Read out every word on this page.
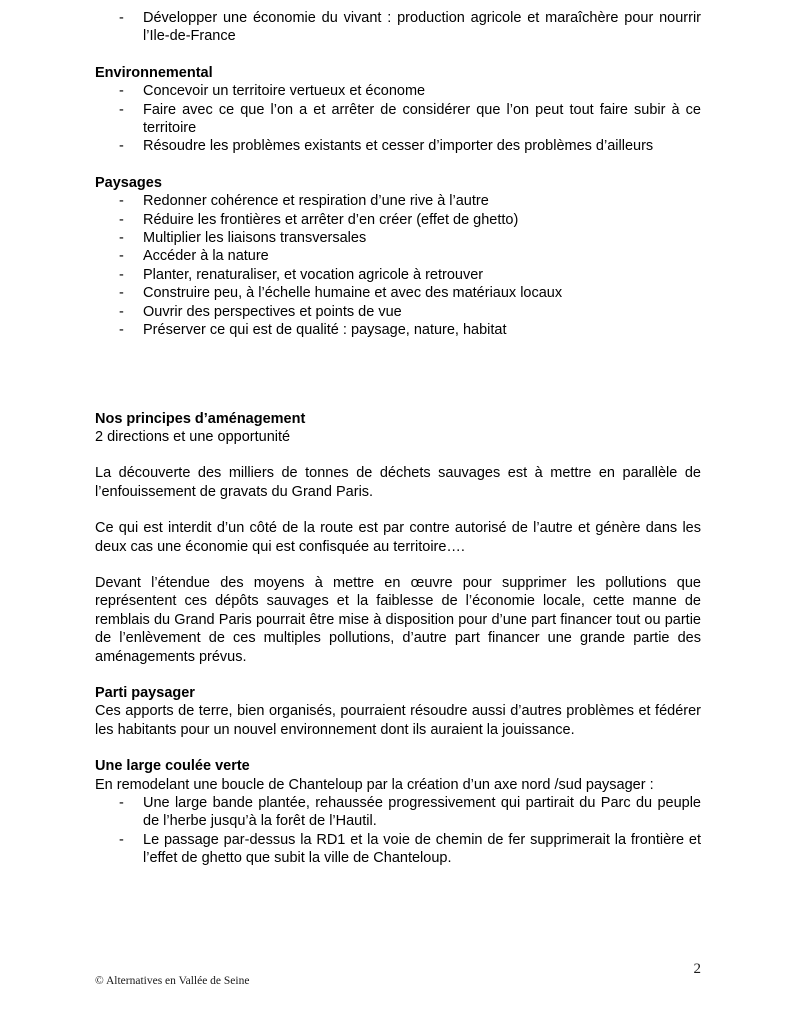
- Développer une économie du vivant : production agricole et maraîchère pour nourrir l’Ile-de-France
Environnemental
- Concevoir un territoire vertueux et économe
- Faire avec ce que l’on a et arrêter de considérer que l’on peut tout faire subir à ce territoire
- Résoudre les problèmes existants et cesser d’importer des problèmes d’ailleurs
Paysages
- Redonner cohérence et respiration d’une rive à l’autre
- Réduire les frontières et arrêter d’en créer (effet de ghetto)
- Multiplier les liaisons transversales
- Accéder à la nature
- Planter, renaturaliser, et vocation agricole à retrouver
- Construire peu, à l’échelle humaine et avec des matériaux locaux
- Ouvrir des perspectives et points de vue
- Préserver ce qui est de qualité : paysage, nature, habitat
Nos principes d’aménagement
2 directions et une opportunité
La découverte des milliers de tonnes de déchets sauvages est à mettre en parallèle de l’enfouissement de gravats du Grand Paris.
Ce qui est interdit d’un côté de la route est par contre autorisé de l’autre et génère dans les deux cas une économie qui est confisquée au territoire….
Devant l’étendue des moyens à mettre en œuvre pour supprimer les pollutions que représentent ces dépôts sauvages et la faiblesse de l’économie locale, cette manne de remblais du Grand Paris pourrait être mise à disposition pour d’une part financer tout ou partie de l’enlèvement de ces multiples pollutions, d’autre part financer une grande partie des aménagements prévus.
Parti paysager
Ces apports de terre, bien organisés, pourraient résoudre aussi d’autres problèmes et fédérer les habitants pour un nouvel environnement dont ils auraient la jouissance.
Une large coulée verte
En remodelant une boucle de Chanteloup par la création d’un axe nord /sud paysager :
- Une large bande plantée, rehaussée progressivement qui partirait du Parc du peuple de l’herbe jusqu’à la forêt de l’Hautil.
- Le passage par-dessus la RD1 et la voie de chemin de fer supprimerait la frontière et l’effet de ghetto que subit la ville de Chanteloup.
2
© Alternatives en Vallée de Seine
